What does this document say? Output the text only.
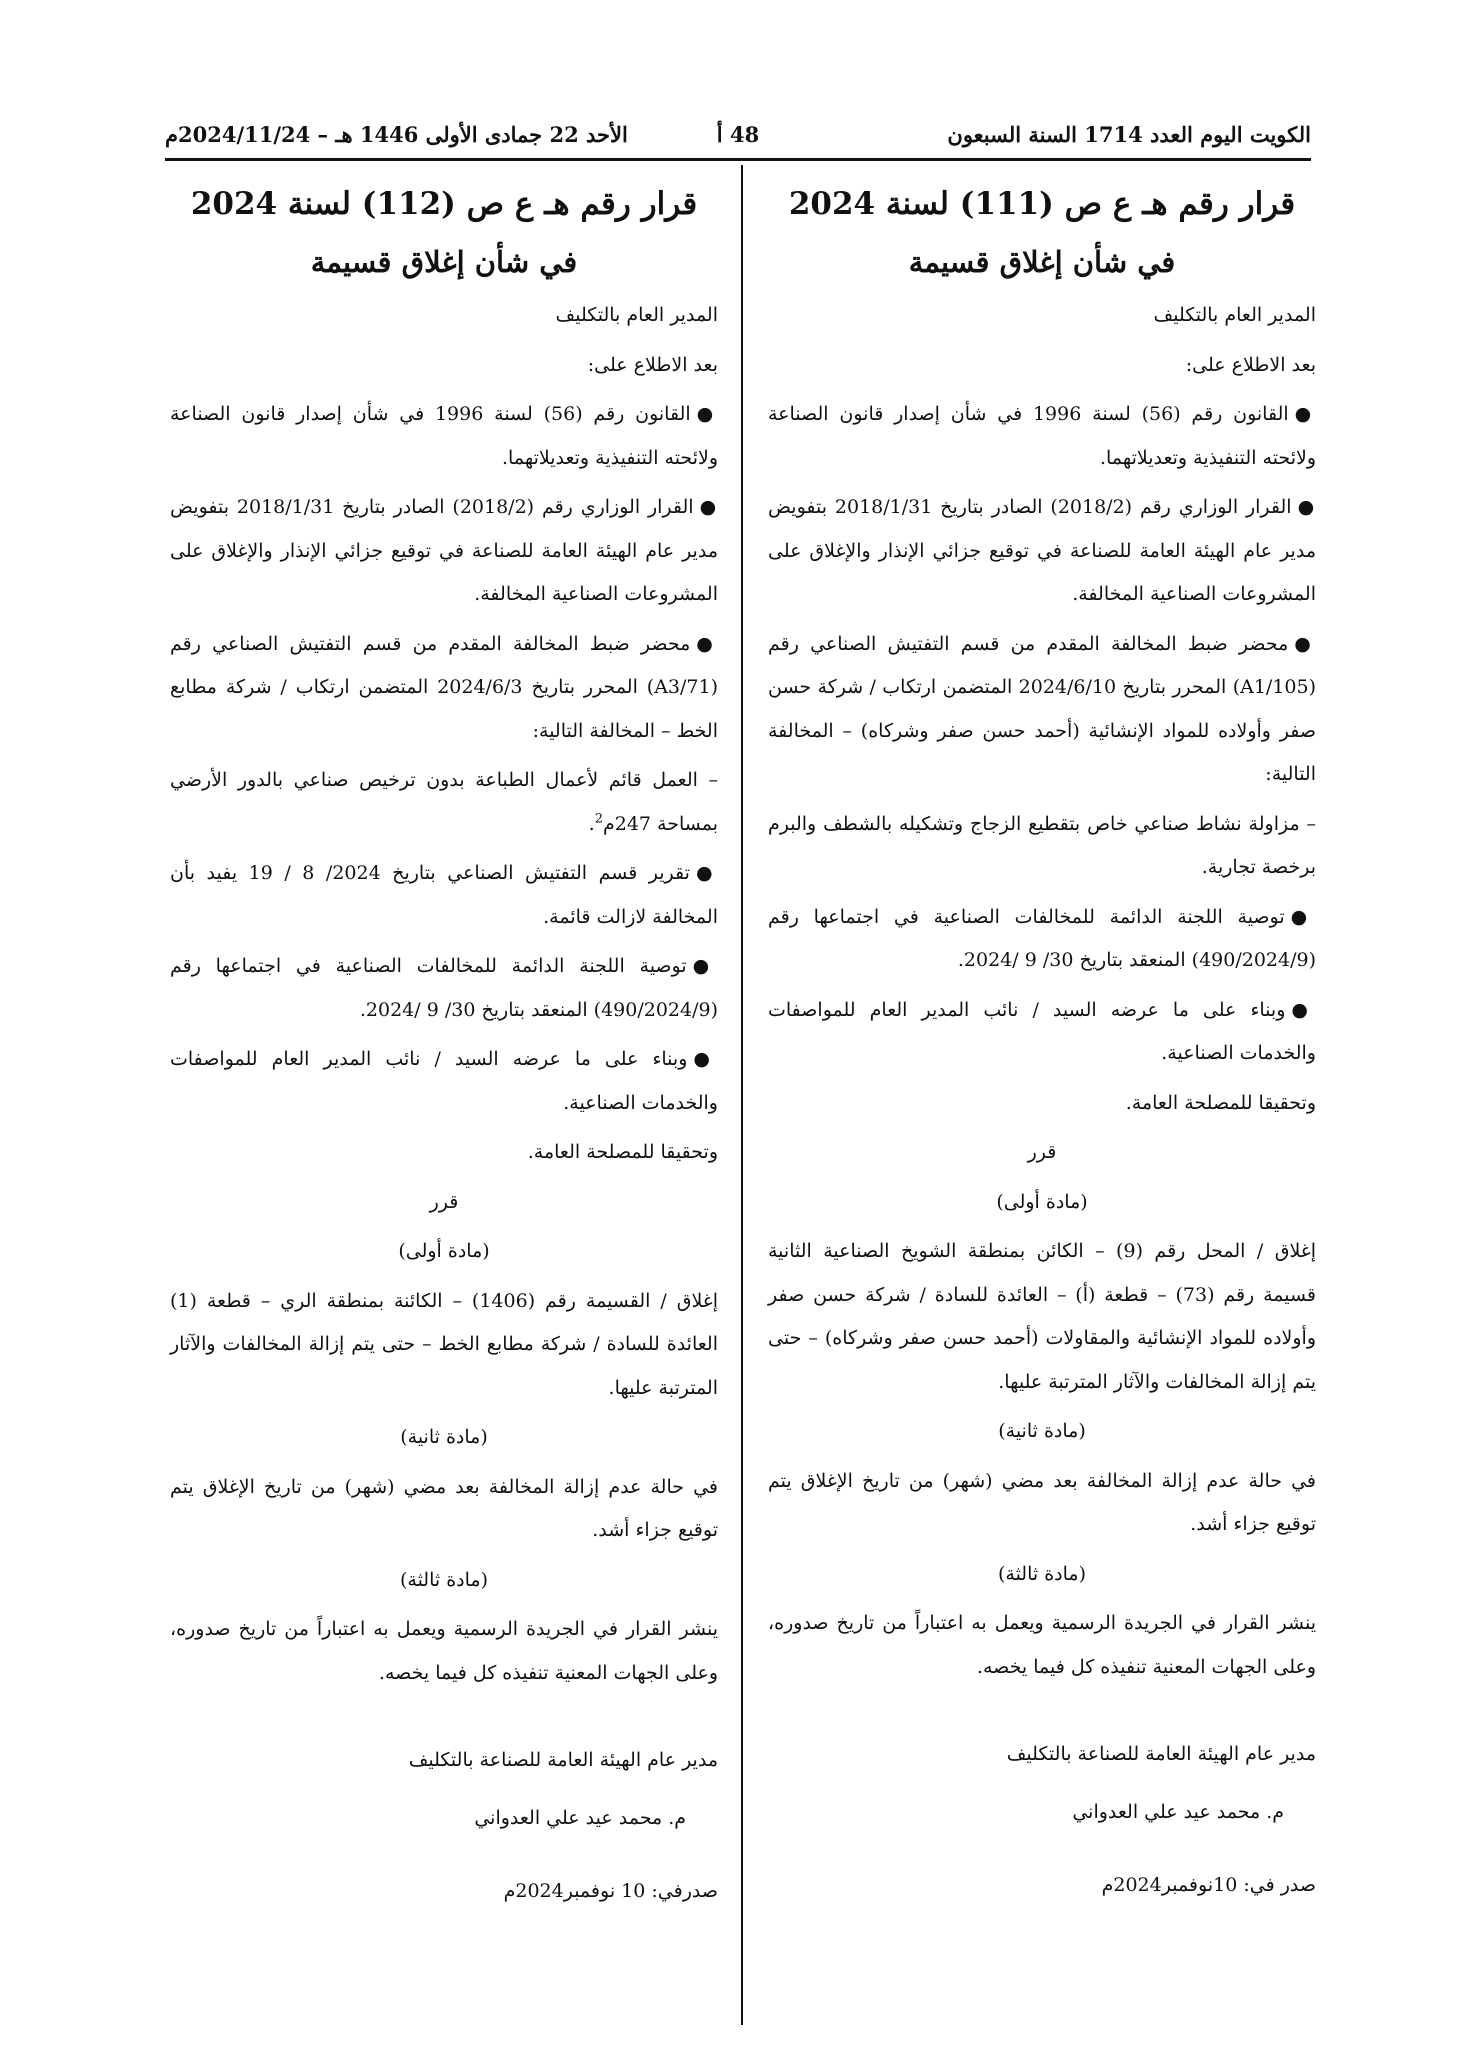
الكويت اليوم العدد 1714 السنة السبعون
48 أ
الأحد 22 جمادى الأولى 1446 هـ – 2024/11/24م
قرار رقم هـ ع ص (111) لسنة 2024
في شأن إغلاق قسيمة
المدير العام بالتكليف
بعد الاطلاع على:
●القانون رقم (56) لسنة 1996 في شأن إصدار قانون الصناعة ولائحته التنفيذية وتعديلاتهما.
●القرار الوزاري رقم (2018/2) الصادر بتاريخ 2018/1/31 بتفويض مدير عام الهيئة العامة للصناعة في توقيع جزائي الإنذار والإغلاق على المشروعات الصناعية المخالفة.
●محضر ضبط المخالفة المقدم من قسم التفتيش الصناعي رقم (A1/105) المحرر بتاريخ 2024/6/10 المتضمن ارتكاب / شركة حسن صفر وأولاده للمواد الإنشائية (أحمد حسن صفر وشركاه) – المخالفة التالية:
– مزاولة نشاط صناعي خاص بتقطيع الزجاج وتشكيله بالشطف والبرم برخصة تجارية.
●توصية اللجنة الدائمة للمخالفات الصناعية في اجتماعها رقم (490/2024/9) المنعقد بتاريخ 30/ 9 /2024.
●وبناء على ما عرضه السيد / نائب المدير العام للمواصفات والخدمات الصناعية.
وتحقيقا للمصلحة العامة.
قرر
(مادة أولى)
إغلاق / المحل رقم (9) – الكائن بمنطقة الشويخ الصناعية الثانية قسيمة رقم (73) – قطعة (أ) – العائدة للسادة / شركة حسن صفر وأولاده للمواد الإنشائية والمقاولات (أحمد حسن صفر وشركاه) – حتى يتم إزالة المخالفات والآثار المترتبة عليها.
(مادة ثانية)
في حالة عدم إزالة المخالفة بعد مضي (شهر) من تاريخ الإغلاق يتم توقيع جزاء أشد.
(مادة ثالثة)
ينشر القرار في الجريدة الرسمية ويعمل به اعتباراً من تاريخ صدوره، وعلى الجهات المعنية تنفيذه كل فيما يخصه.
مدير عام الهيئة العامة للصناعة بالتكليف
م. محمد عيد علي العدواني
صدر في: 10نوفمبر2024م
قرار رقم هـ ع ص (112) لسنة 2024
في شأن إغلاق قسيمة
المدير العام بالتكليف
بعد الاطلاع على:
●القانون رقم (56) لسنة 1996 في شأن إصدار قانون الصناعة ولائحته التنفيذية وتعديلاتهما.
●القرار الوزاري رقم (2018/2) الصادر بتاريخ 2018/1/31 بتفويض مدير عام الهيئة العامة للصناعة في توقيع جزائي الإنذار والإغلاق على المشروعات الصناعية المخالفة.
●محضر ضبط المخالفة المقدم من قسم التفتيش الصناعي رقم (A3/71) المحرر بتاريخ 2024/6/3 المتضمن ارتكاب / شركة مطابع الخط – المخالفة التالية:
– العمل قائم لأعمال الطباعة بدون ترخيص صناعي بالدور الأرضي بمساحة 247م$^2$.
●تقرير قسم التفتيش الصناعي بتاريخ 2024/ 8 / 19 يفيد بأن المخالفة لازالت قائمة.
●توصية اللجنة الدائمة للمخالفات الصناعية في اجتماعها رقم (490/2024/9) المنعقد بتاريخ 30/ 9 /2024.
●وبناء على ما عرضه السيد / نائب المدير العام للمواصفات والخدمات الصناعية.
وتحقيقا للمصلحة العامة.
قرر
(مادة أولى)
إغلاق / القسيمة رقم (1406) – الكائنة بمنطقة الري – قطعة (1) العائدة للسادة / شركة مطابع الخط – حتى يتم إزالة المخالفات والآثار المترتبة عليها.
(مادة ثانية)
في حالة عدم إزالة المخالفة بعد مضي (شهر) من تاريخ الإغلاق يتم توقيع جزاء أشد.
(مادة ثالثة)
ينشر القرار في الجريدة الرسمية ويعمل به اعتباراً من تاريخ صدوره، وعلى الجهات المعنية تنفيذه كل فيما يخصه.
مدير عام الهيئة العامة للصناعة بالتكليف
م. محمد عيد علي العدواني
صدرفي: 10 نوفمبر2024م
